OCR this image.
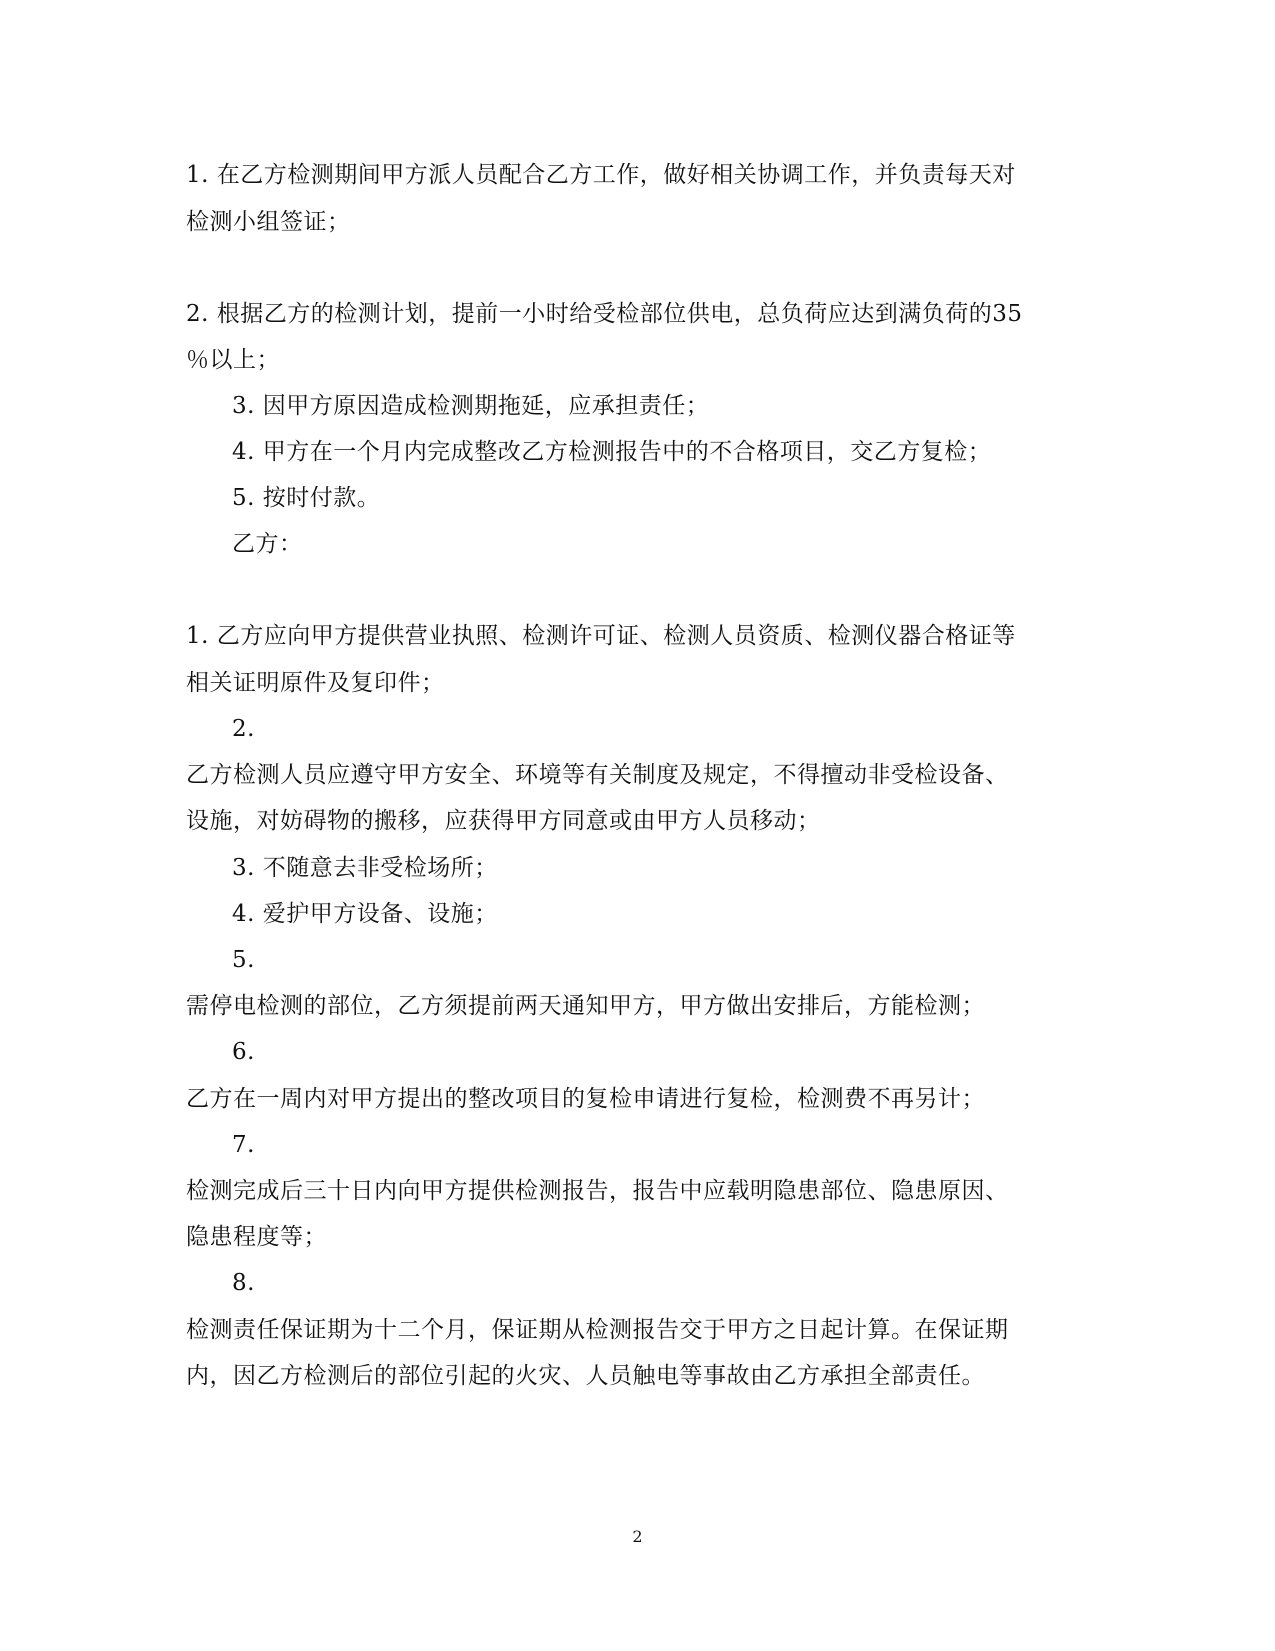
1. 在乙方检测期间甲方派人员配合乙方工作，做好相关协调工作，并负责每天对
检测小组签证；
2. 根据乙方的检测计划，提前一小时给受检部位供电，总负荷应达到满负荷的35
％以上；
3. 因甲方原因造成检测期拖延，应承担责任；
4. 甲方在一个月内完成整改乙方检测报告中的不合格项目，交乙方复检；
5. 按时付款。
乙方：
1. 乙方应向甲方提供营业执照、检测许可证、检测人员资质、检测仪器合格证等
相关证明原件及复印件；
2.
乙方检测人员应遵守甲方安全、环境等有关制度及规定，不得擅动非受检设备、
设施，对妨碍物的搬移，应获得甲方同意或由甲方人员移动；
3. 不随意去非受检场所；
4. 爱护甲方设备、设施；
5.
需停电检测的部位，乙方须提前两天通知甲方，甲方做出安排后，方能检测；
6.
乙方在一周内对甲方提出的整改项目的复检申请进行复检，检测费不再另计；
7.
检测完成后三十日内向甲方提供检测报告，报告中应载明隐患部位、隐患原因、
隐患程度等；
8.
检测责任保证期为十二个月，保证期从检测报告交于甲方之日起计算。在保证期
内，因乙方检测后的部位引起的火灾、人员触电等事故由乙方承担全部责任。
2
